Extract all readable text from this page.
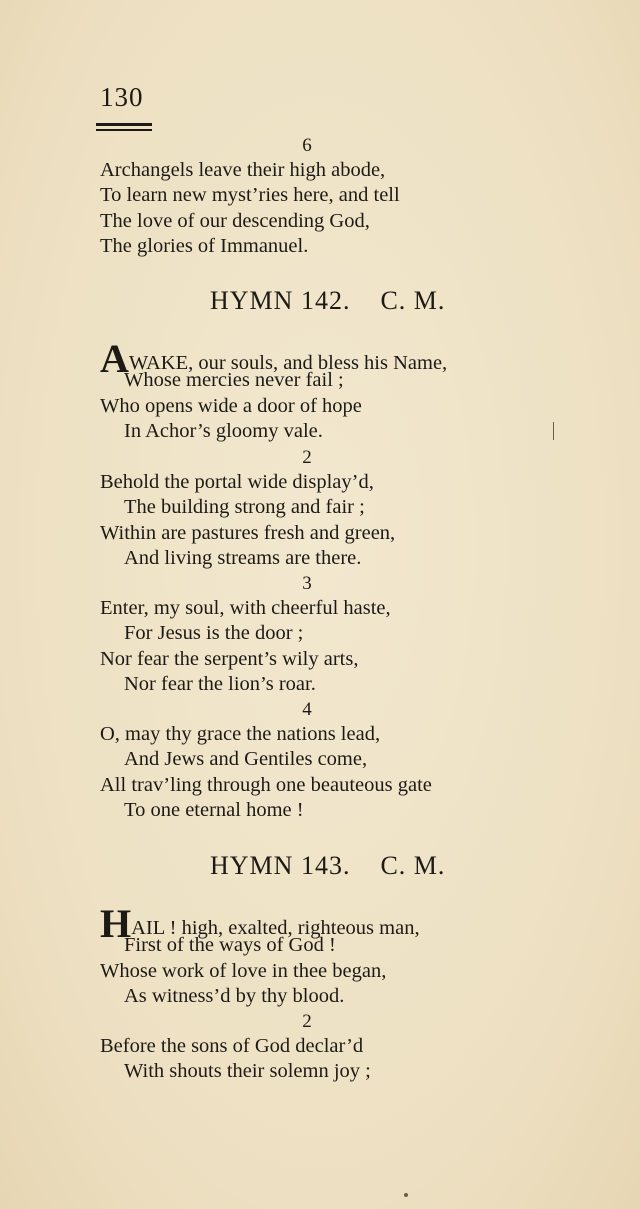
130
6
Archangels leave their high abode,
To learn new myst’ries here, and tell
The love of our descending God,
The glories of Immanuel.
HYMN 142. C. M.
AWAKE, our souls, and bless his Name,
Whose mercies never fail ;
Who opens wide a door of hope
In Achor’s gloomy vale.
2
Behold the portal wide display’d,
The building strong and fair ;
Within are pastures fresh and green,
And living streams are there.
3
Enter, my soul, with cheerful haste,
For Jesus is the door ;
Nor fear the serpent’s wily arts,
Nor fear the lion’s roar.
4
O, may thy grace the nations lead,
And Jews and Gentiles come,
All trav’ling through one beauteous gate
To one eternal home !
HYMN 143. C. M.
HAIL ! high, exalted, righteous man,
First of the ways of God !
Whose work of love in thee began,
As witness’d by thy blood.
2
Before the sons of God declar’d
With shouts their solemn joy ;
